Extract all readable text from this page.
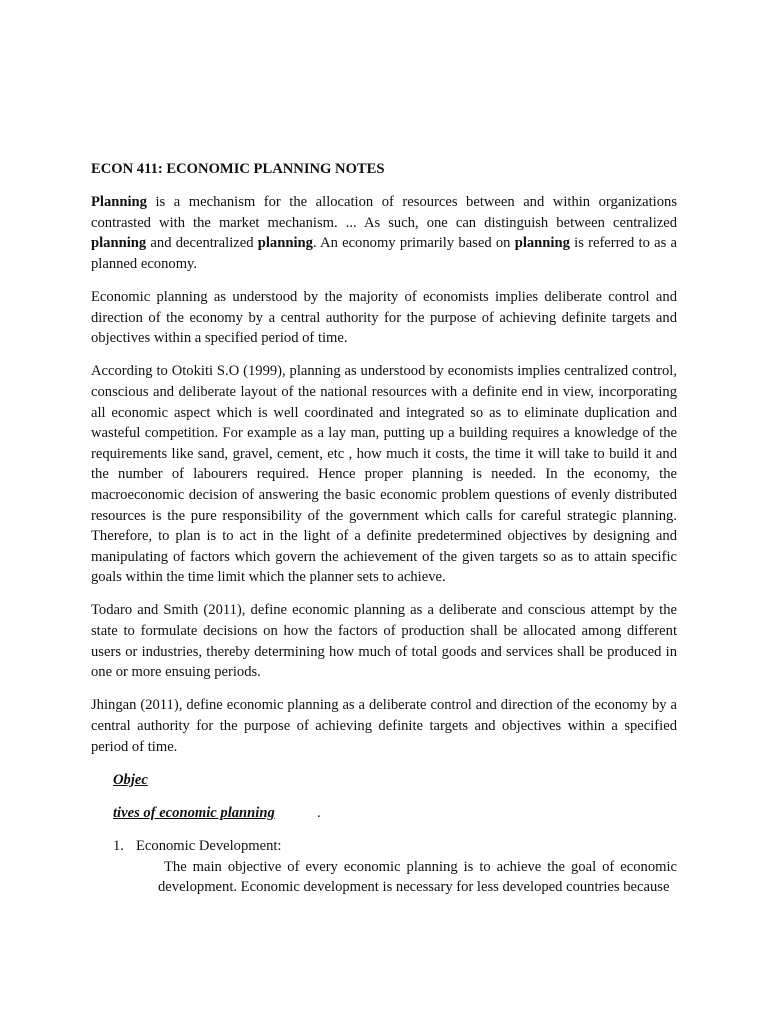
ECON 411: ECONOMIC PLANNING NOTES

Planning is a mechanism for the allocation of resources between and within organizations contrasted with the market mechanism. ... As such, one can distinguish between centralized planning and decentralized planning. An economy primarily based on planning is referred to as a planned economy.

Economic planning as understood by the majority of economists implies deliberate control and direction of the economy by a central authority for the purpose of achieving definite targets and objectives within a specified period of time.

According to Otokiti S.O (1999), planning as understood by economists implies centralized control, conscious and deliberate layout of the national resources with a definite end in view, incorporating all economic aspect which is well coordinated and integrated so as to eliminate duplication and wasteful competition. For example as a lay man, putting up a building requires a knowledge of the requirements like sand, gravel, cement, etc , how much it costs, the time it will take to build it and the number of labourers required. Hence proper planning is needed. In the economy, the macroeconomic decision of answering the basic economic problem questions of evenly distributed resources is the pure responsibility of the government which calls for careful strategic planning. Therefore, to plan is to act in the light of a definite predetermined objectives by designing and manipulating of factors which govern the achievement of the given targets so as to attain specific goals within the time limit which the planner sets to achieve.

Todaro and Smith (2011), define economic planning as a deliberate and conscious attempt by the state to formulate decisions on how the factors of production shall be allocated among different users or industries, thereby determining how much of total goods and services shall be produced in one or more ensuing periods.

Jhingan (2011), define economic planning as a deliberate control and direction of the economy by a central authority for the purpose of achieving definite targets and objectives within a specified period of time.

Objec
tives of economic planning	.
1. Economic Development:
The main objective of every economic planning is to achieve the goal of economic development. Economic development is necessary for less developed countries because
